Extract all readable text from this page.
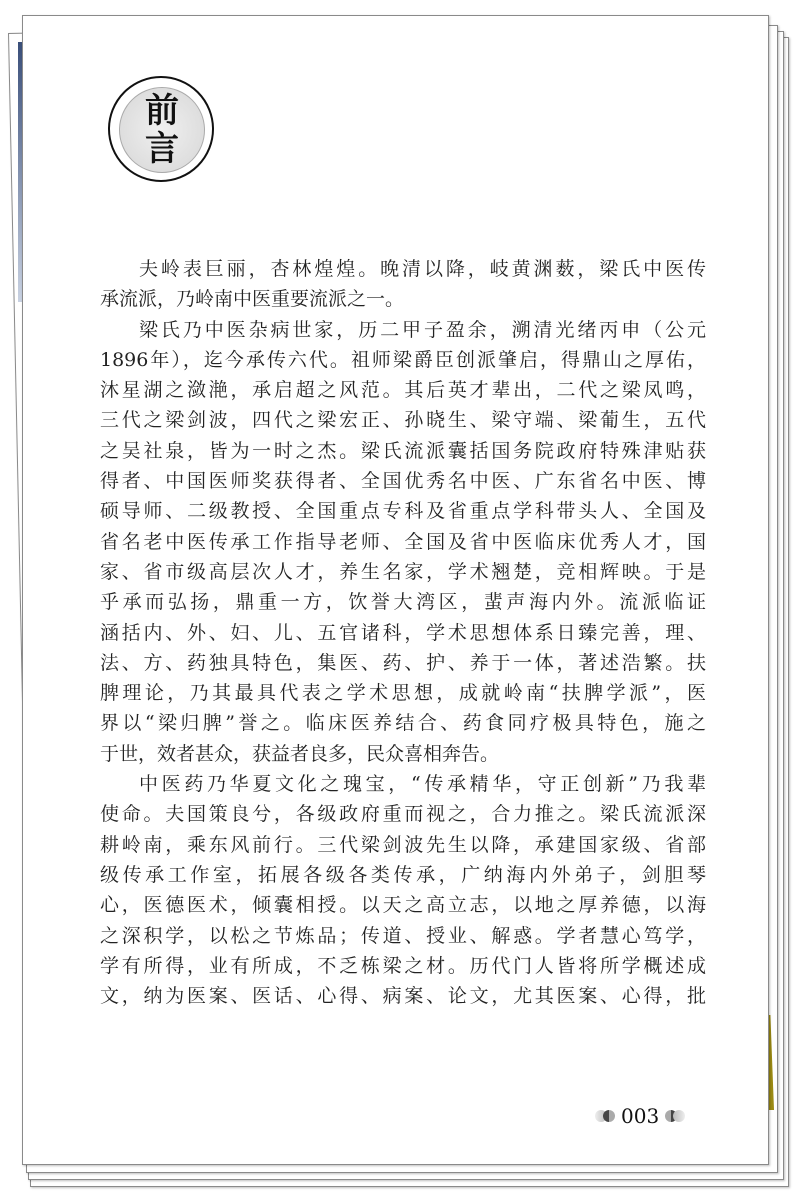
前
言
夫岭表巨丽，杏林煌煌。晚清以降，岐黄渊薮，梁氏中医传
承流派，乃岭南中医重要流派之一。
梁氏乃中医杂病世家，历二甲子盈余，溯清光绪丙申（公元
1896年），迄今承传六代。祖师梁爵臣创派肇启，得鼎山之厚佑，
沐星湖之潋滟，承启超之风范。其后英才辈出，二代之梁凤鸣，
三代之梁剑波，四代之梁宏正、孙晓生、梁守端、梁葡生，五代
之吴社泉，皆为一时之杰。梁氏流派囊括国务院政府特殊津贴获
得者、中国医师奖获得者、全国优秀名中医、广东省名中医、博
硕导师、二级教授、全国重点专科及省重点学科带头人、全国及
省名老中医传承工作指导老师、全国及省中医临床优秀人才，国
家、省市级高层次人才，养生名家，学术翘楚，竞相辉映。于是
乎承而弘扬，鼎重一方，饮誉大湾区，蜚声海内外。流派临证
涵括内、外、妇、儿、五官诸科，学术思想体系日臻完善，理、
法、方、药独具特色，集医、药、护、养于一体，著述浩繁。扶
脾理论，乃其最具代表之学术思想，成就岭南“扶脾学派”，医
界以“梁归脾”誉之。临床医养结合、药食同疗极具特色，施之
于世，效者甚众，获益者良多，民众喜相奔告。
中医药乃华夏文化之瑰宝，“传承精华，守正创新”乃我辈
使命。夫国策良兮，各级政府重而视之，合力推之。梁氏流派深
耕岭南，乘东风前行。三代梁剑波先生以降，承建国家级、省部
级传承工作室，拓展各级各类传承，广纳海内外弟子，剑胆琴
心，医德医术，倾囊相授。以天之高立志，以地之厚养德，以海
之深积学，以松之节炼品；传道、授业、解惑。学者慧心笃学，
学有所得，业有所成，不乏栋梁之材。历代门人皆将所学概述成
文，纳为医案、医话、心得、病案、论文，尤其医案、心得，批
003
